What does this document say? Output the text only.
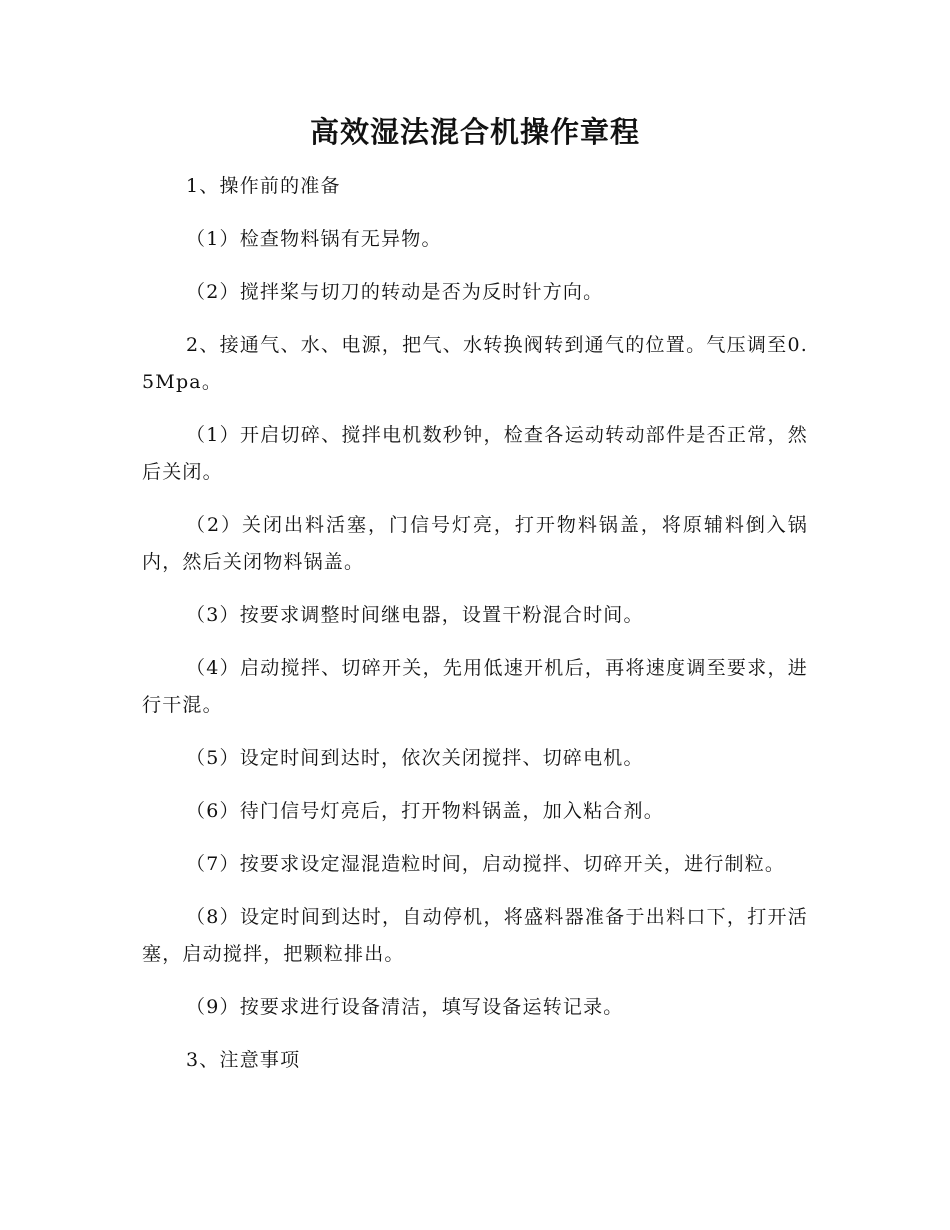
高效湿法混合机操作章程

1、操作前的准备

（1）检查物料锅有无异物。

（2）搅拌桨与切刀的转动是否为反时针方向。

2、接通气、水、电源，把气、水转换阀转到通气的位置。气压调至0.5Mpa。

（1）开启切碎、搅拌电机数秒钟，检查各运动转动部件是否正常，然后关闭。

（2）关闭出料活塞，门信号灯亮，打开物料锅盖，将原辅料倒入锅内，然后关闭物料锅盖。

（3）按要求调整时间继电器，设置干粉混合时间。

（4）启动搅拌、切碎开关，先用低速开机后，再将速度调至要求，进行干混。

（5）设定时间到达时，依次关闭搅拌、切碎电机。

（6）待门信号灯亮后，打开物料锅盖，加入粘合剂。

（7）按要求设定湿混造粒时间，启动搅拌、切碎开关，进行制粒。

（8）设定时间到达时，自动停机，将盛料器准备于出料口下，打开活塞，启动搅拌，把颗粒排出。

（9）按要求进行设备清洁，填写设备运转记录。

3、注意事项
